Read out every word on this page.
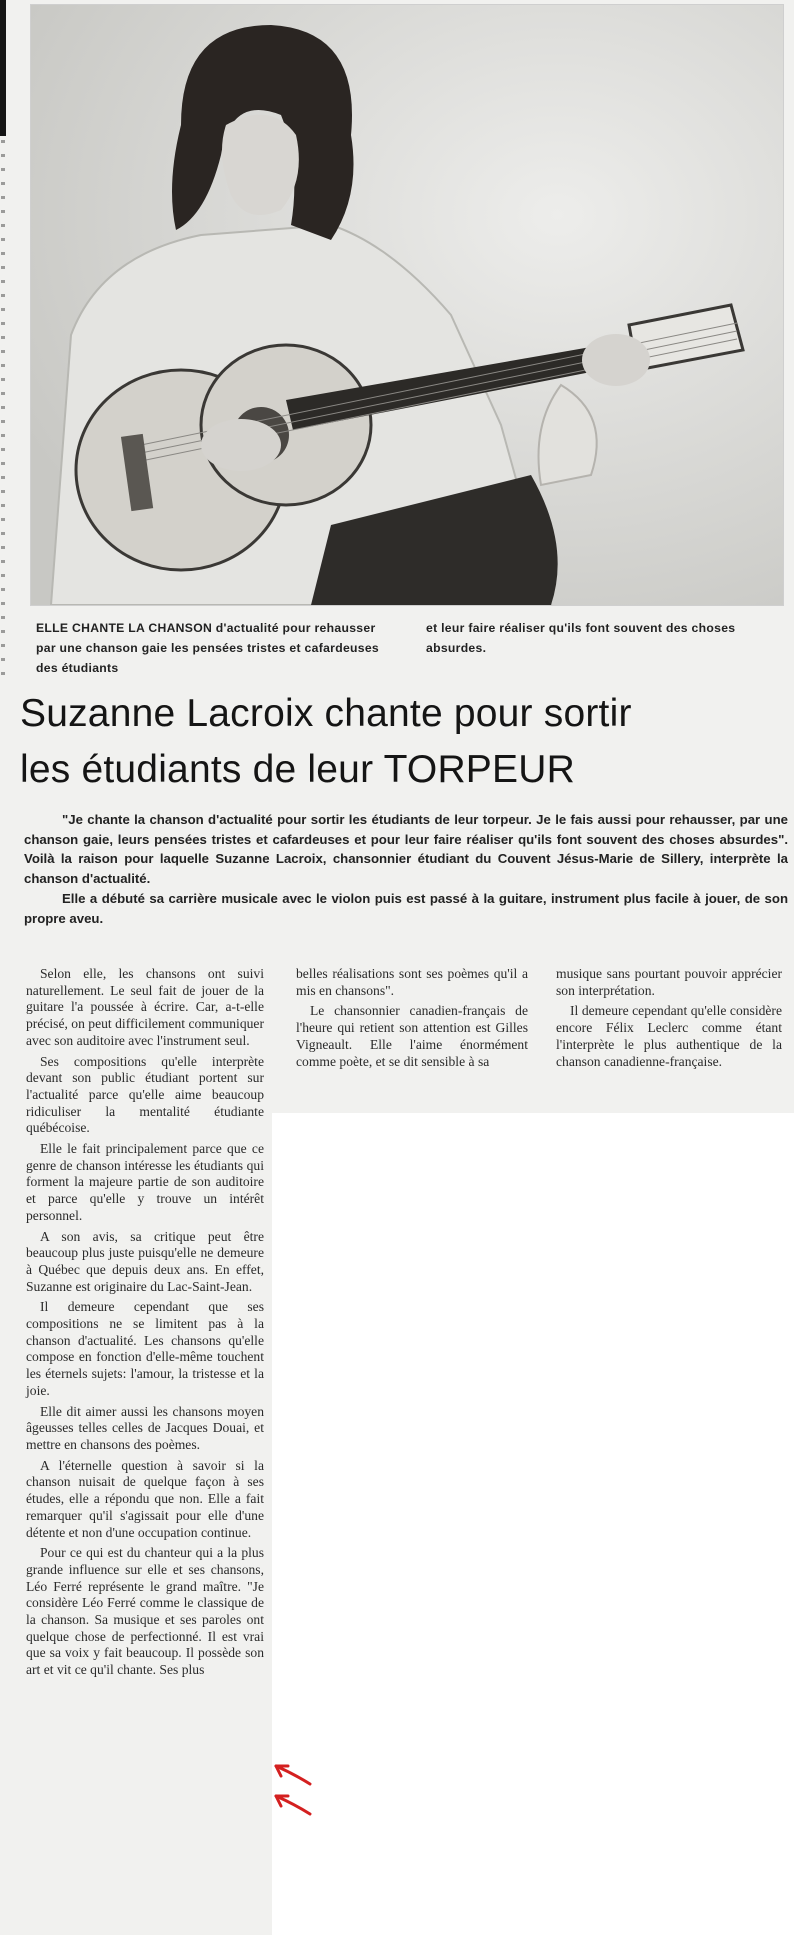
ELLE CHANTE LA CHANSON d'actualité pour rehausser par une chanson gaie les pensées tristes et cafardeuses des étudiants
et leur faire réaliser qu'ils font souvent des choses absurdes.
Suzanne Lacroix chante pour sortir
les étudiants de leur TORPEUR

"Je chante la chanson d'actualité pour sortir les étudiants de leur torpeur. Je le fais aussi pour rehausser, par une chanson gaie, leurs pensées tristes et cafardeuses et pour leur faire réaliser qu'ils font souvent des choses absurdes". Voilà la raison pour laquelle Suzanne Lacroix, chansonnier étudiant du Couvent Jésus-Marie de Sillery, interprète la chanson d'actualité.

Elle a débuté sa carrière musicale avec le violon puis est passé à la guitare, instrument plus facile à jouer, de son propre aveu.

Selon elle, les chansons ont suivi naturellement. Le seul fait de jouer de la guitare l'a poussée à écrire. Car, a-t-elle précisé, on peut difficilement communiquer avec son auditoire avec l'instrument seul.

Ses compositions qu'elle interprète devant son public étudiant portent sur l'actualité parce qu'elle aime beaucoup ridiculiser la mentalité étudiante québécoise.

Elle le fait principalement parce que ce genre de chanson intéresse les étudiants qui forment la majeure partie de son auditoire et parce qu'elle y trouve un intérêt personnel.

A son avis, sa critique peut être beaucoup plus juste puisqu'elle ne demeure à Québec que depuis deux ans. En effet, Suzanne est originaire du Lac-Saint-Jean.

Il demeure cependant que ses compositions ne se limitent pas à la chanson d'actualité. Les chansons qu'elle compose en fonction d'elle-même touchent les éternels sujets: l'amour, la tristesse et la joie.

Elle dit aimer aussi les chansons moyen âgeusses telles celles de Jacques Douai, et mettre en chansons des poèmes.

A l'éternelle question à savoir si la chanson nuisait de quelque façon à ses études, elle a répondu que non. Elle a fait remarquer qu'il s'agissait pour elle d'une détente et non d'une occupation continue.

Pour ce qui est du chanteur qui a la plus grande influence sur elle et ses chansons, Léo Ferré représente le grand maître. "Je considère Léo Ferré comme le classique de la chanson. Sa musique et ses paroles ont quelque chose de perfectionné. Il est vrai que sa voix y fait beaucoup. Il possède son art et vit ce qu'il chante. Ses plus

belles réalisations sont ses poèmes qu'il a mis en chansons".

Le chansonnier canadien-français de l'heure qui retient son attention est Gilles Vigneault. Elle l'aime énormément comme poète, et se dit sensible à sa

musique sans pourtant pouvoir apprécier son interprétation.

Il demeure cependant qu'elle considère encore Félix Leclerc comme étant l'interprète le plus authentique de la chanson canadienne-française.
